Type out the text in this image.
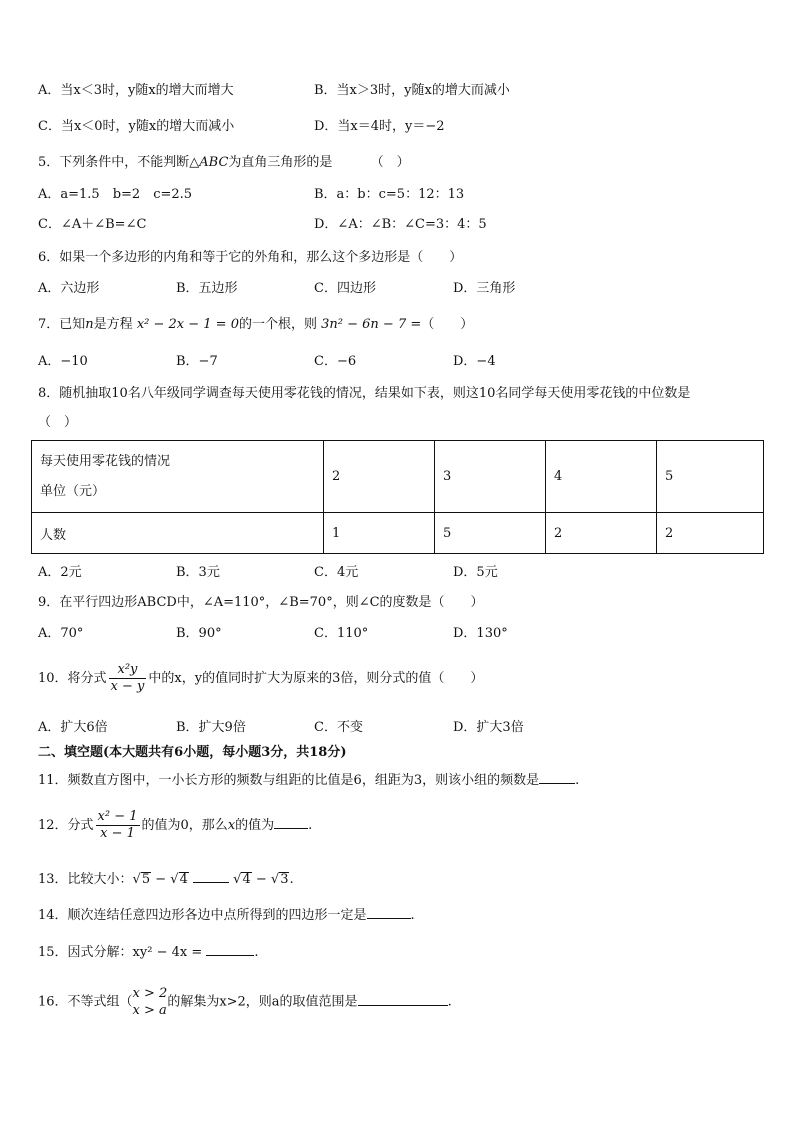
A．当x＜3时，y随x的增大而增大	B．当x＞3时，y随x的增大而减小
C．当x＜0时，y随x的增大而减小	D．当x＝4时，y＝−2
5．下列条件中，不能判断△ABC为直角三角形的是	（　）
A．a=1.5　b=2　c=2.5	B．a：b：c=5：12：13
C．∠A＋∠B=∠C	D．∠A：∠B：∠C=3：4：5
6．如果一个多边形的内角和等于它的外角和，那么这个多边形是（　　）
A．六边形	B．五边形	C．四边形	D．三角形
7．已知n是方程 x² − 2x − 1 = 0的一个根，则 3n² − 6n − 7 =（　　）
A．−10	B．−7	C．−6	D．−4
8．随机抽取10名八年级同学调查每天使用零花钱的情况，结果如下表，则这10名同学每天使用零花钱的中位数是
（　）
每天使用零花钱的情况
单位（元）	2	3	4	5
人数	1	5	2	2
A．2元	B．3元	C．4元	D．5元
9．在平行四边形ABCD中，∠A=110°，∠B=70°，则∠C的度数是（　　）
A．70°	B．90°	C．110°	D．130°
10．将分式 $\frac{\text{x²y}}{x - y}$ 中的x，y的值同时扩大为原来的3倍，则分式的值（　　）
A．扩大6倍	B．扩大9倍	C．不变	D．扩大3倍
二、填空题(本大题共有6小题，每小题3分，共18分)
11．频数直方图中，一小长方形的频数与组距的比值是6，组距为3，则该小组的频数是	.
12．分式 $\frac{\text{x² − 1}}{x - 1}$ 的值为0，那么x的值为	.
13．比较大小：√5 − √4	√4 − √3.
14．顺次连结任意四边形各边中点所得到的四边形一定是	.
15．因式分解：xy² − 4x =	.
16．不等式组（x > 2
x > a的解集为x>2，则a的取值范围是	.
